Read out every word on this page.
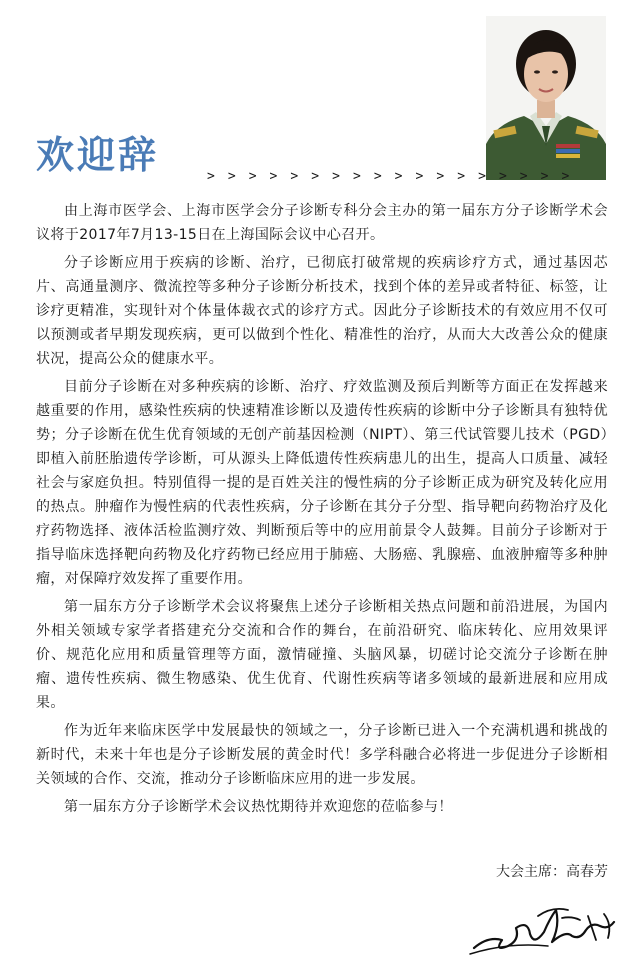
欢迎辞	> > > > > > > > > > > > > > > > > >

由上海市医学会、上海市医学会分子诊断专科分会主办的第一届东方分子诊断学术会议将于2017年7月13-15日在上海国际会议中心召开。

分子诊断应用于疾病的诊断、治疗，已彻底打破常规的疾病诊疗方式，通过基因芯片、高通量测序、微流控等多种分子诊断分析技术，找到个体的差异或者特征、标签，让诊疗更精准，实现针对个体量体裁衣式的诊疗方式。因此分子诊断技术的有效应用不仅可以预测或者早期发现疾病，更可以做到个性化、精准性的治疗，从而大大改善公众的健康状况，提高公众的健康水平。

目前分子诊断在对多种疾病的诊断、治疗、疗效监测及预后判断等方面正在发挥越来越重要的作用，感染性疾病的快速精准诊断以及遗传性疾病的诊断中分子诊断具有独特优势；分子诊断在优生优育领域的无创产前基因检测（NIPT）、第三代试管婴儿技术（PGD）即植入前胚胎遗传学诊断，可从源头上降低遗传性疾病患儿的出生，提高人口质量、减轻社会与家庭负担。特别值得一提的是百姓关注的慢性病的分子诊断正成为研究及转化应用的热点。肿瘤作为慢性病的代表性疾病，分子诊断在其分子分型、指导靶向药物治疗及化疗药物选择、液体活检监测疗效、判断预后等中的应用前景令人鼓舞。目前分子诊断对于指导临床选择靶向药物及化疗药物已经应用于肺癌、大肠癌、乳腺癌、血液肿瘤等多种肿瘤，对保障疗效发挥了重要作用。

第一届东方分子诊断学术会议将聚焦上述分子诊断相关热点问题和前沿进展，为国内外相关领域专家学者搭建充分交流和合作的舞台，在前沿研究、临床转化、应用效果评价、规范化应用和质量管理等方面，激情碰撞、头脑风暴，切磋讨论交流分子诊断在肿瘤、遗传性疾病、微生物感染、优生优育、代谢性疾病等诸多领域的最新进展和应用成果。

作为近年来临床医学中发展最快的领域之一，分子诊断已进入一个充满机遇和挑战的新时代，未来十年也是分子诊断发展的黄金时代！多学科融合必将进一步促进分子诊断相关领域的合作、交流，推动分子诊断临床应用的进一步发展。

第一届东方分子诊断学术会议热忱期待并欢迎您的莅临参与！

大会主席：高春芳
